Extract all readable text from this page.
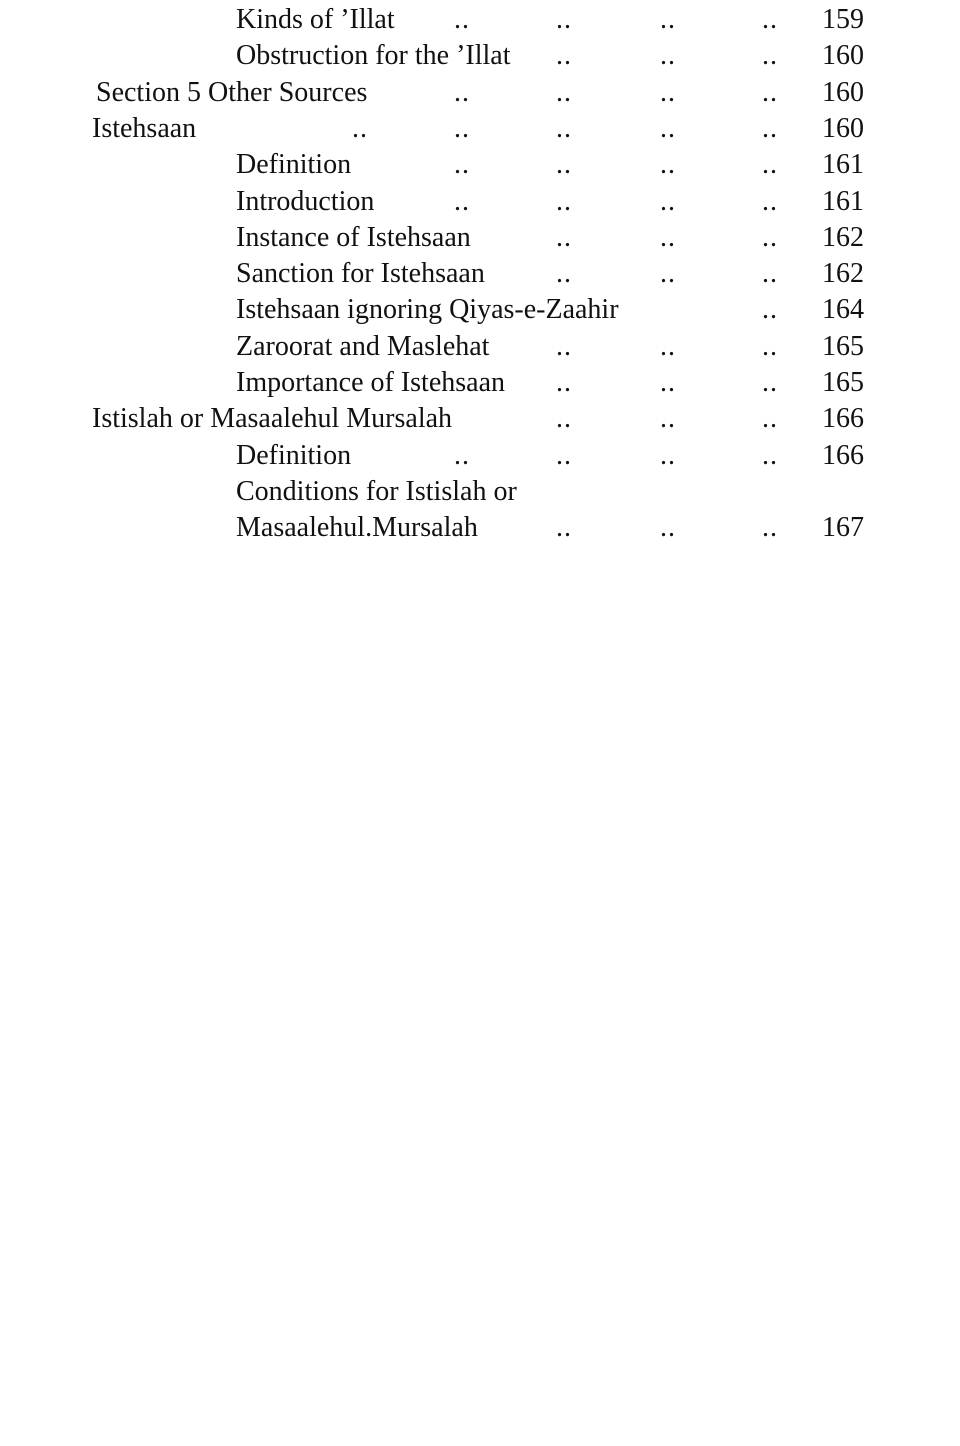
Kinds of ’Illat ..	..	..	.. 159
Obstruction for the ’Illat ..	..	.. 160
Section 5 Other Sources	..	..	..	.. 160
Istehsaan	..	..	..	..	.. 160
Definition	..	..	..	.. 161
Introduction	..	..	..	.. 161
Instance of Istehsaan	..	..	.. 162
Sanction for Istehsaan	..	..	.. 162
Istehsaan ignoring Qiyas-e-Zaahir	.. 164
Zaroorat and Maslehat ..	..	.. 165
Importance of Istehsaan ..	..	.. 165
Istislah or Masaalehul Mursalah	..	..	.. 166
Definition	..	..	..	.. 166
Conditions for Istislah or
Masaalehul.Mursalah	..	..	.. 167
